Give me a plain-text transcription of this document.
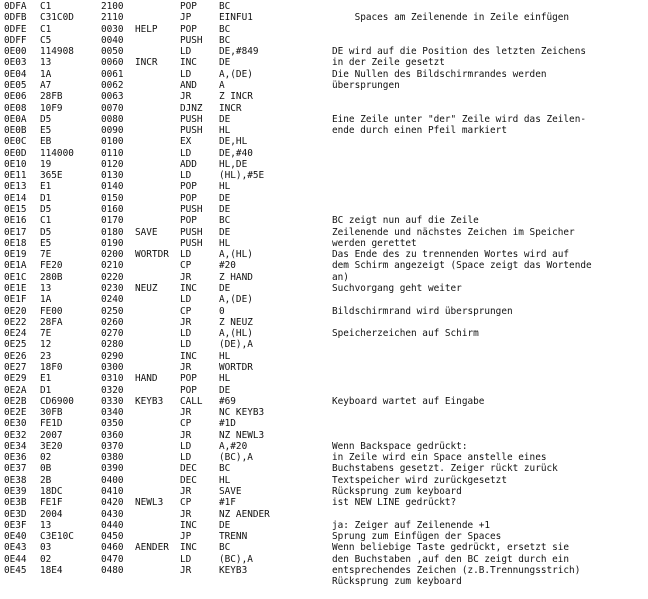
0DFA C1	2100	POP BC
0DFB C31C0D	2110	JP	EINFU1	Spaces am Zeilenende in Zeile einfügen
0DFE C1	0030 HELP POP BC
0DFF C5	0040	PUSH BC
0E00 114908	0050	LD	DE,#849	DE wird auf die Position des letzten Zeichens
0E03 13	0060 INCR INC DE	in der Zeile gesetzt
0E04 1A	0061	LD	A,(DE)	Die Nullen des Bildschirmrandes werden
0E05 A7	0062	AND A	übersprungen
0E06 28FB	0063	JR	Z INCR
0E08 10F9	0070	DJNZ INCR
0E0A D5	0080	PUSH DE	Eine Zeile unter "der" Zeile wird das Zeilen-
0E0B E5	0090	PUSH HL	ende durch einen Pfeil markiert
0E0C EB	0100	EX	DE,HL
0E0D 114000	0110	LD	DE,#40
0E10 19	0120	ADD HL,DE
0E11 365E	0130	LD	(HL),#5E
0E13 E1	0140	POP HL
0E14 D1	0150	POP DE
0E15 D5	0160	PUSH DE
0E16 C1	0170	POP BC	BC zeigt nun auf die Zeile
0E17 D5	0180 SAVE PUSH DE	Zeilenende und nächstes Zeichen im Speicher
0E18 E5	0190	PUSH HL	werden gerettet
0E19 7E	0200 WORTDR LD	A,(HL)	Das Ende des zu trennenden Wortes wird auf
0E1A FE20	0210	CP	#20	dem Schirm angezeigt (Space zeigt das Wortende
0E1C 280B	0220	JR	Z HAND	an)
0E1E 13	0230 NEUZ INC DE	Suchvorgang geht weiter
0E1F 1A	0240	LD	A,(DE)
0E20 FE00	0250	CP	0	Bildschirmrand wird übersprungen
0E22 28FA	0260	JR	Z NEUZ
0E24 7E	0270	LD	A,(HL)	Speicherzeichen auf Schirm
0E25 12	0280	LD	(DE),A
0E26 23	0290	INC HL
0E27 18F0	0300	JR	WORTDR
0E29 E1	0310 HAND POP HL
0E2A D1	0320	POP DE
0E2B CD6900	0330 KEYB3 CALL #69	Keyboard wartet auf Eingabe
0E2E 30FB	0340	JR	NC KEYB3
0E30 FE1D	0350	CP	#1D
0E32 2007	0360	JR	NZ NEWL3
0E34 3E20	0370	LD	A,#20	Wenn Backspace gedrückt:
0E36 02	0380	LD	(BC),A	in Zeile wird ein Space anstelle eines
0E37 0B	0390	DEC BC	Buchstabens gesetzt. Zeiger rückt zurück
0E38 2B	0400	DEC HL	Textspeicher wird zurückgesetzt
0E39 18DC	0410	JR	SAVE	Rücksprung zum keyboard
0E3B FE1F	0420 NEWL3 CP	#1F	ist NEW LINE gedrückt?
0E3D 2004	0430	JR	NZ AENDER
0E3F 13	0440	INC DE	ja: Zeiger auf Zeilenende +1
0E40 C3E10C	0450	JP	TRENN	Sprung zum Einfügen der Spaces
0E43 03	0460 AENDER INC BC	Wenn beliebige Taste gedrückt, ersetzt sie
0E44 02	0470	LD	(BC),A	den Buchstaben ,auf den BC zeigt durch ein
0E45 18E4	0480	JR	KEYB3	entsprechendes Zeichen (z.B.Trennungsstrich)
Rücksprung zum keyboard
